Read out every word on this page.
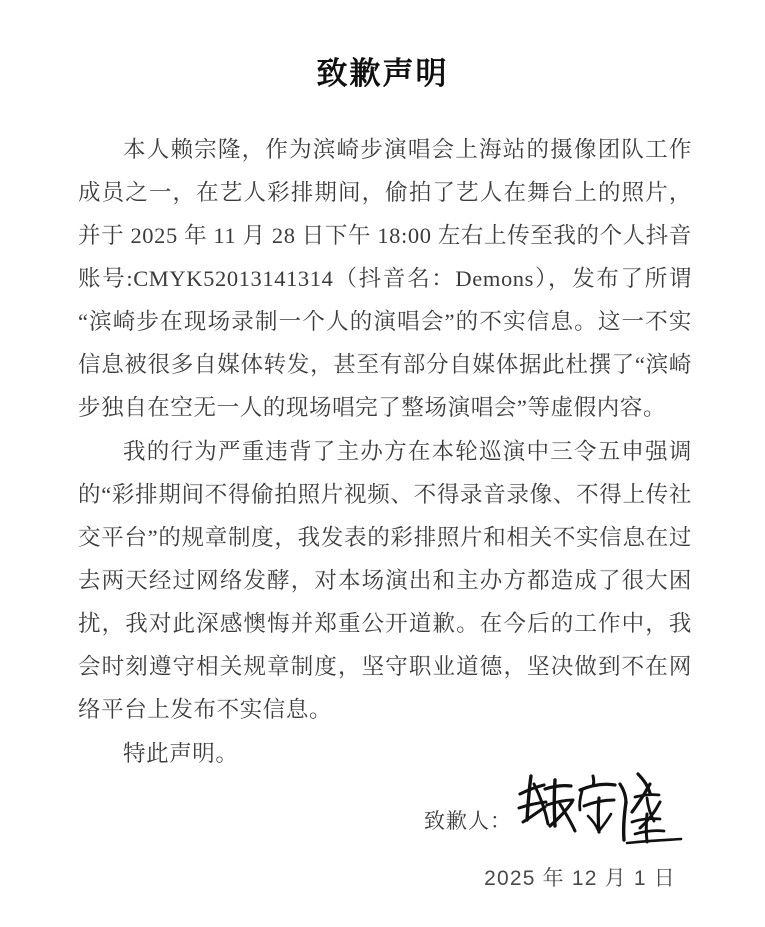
致歉声明

本人赖宗隆，作为滨崎步演唱会上海站的摄像团队工作成员之一，在艺人彩排期间，偷拍了艺人在舞台上的照片，并于 2025 年 11 月 28 日下午 18:00 左右上传至我的个人抖音账号:CMYK52013141314（抖音名：Demons），发布了所谓“滨崎步在现场录制一个人的演唱会”的不实信息。这一不实信息被很多自媒体转发，甚至有部分自媒体据此杜撰了“滨崎步独自在空无一人的现场唱完了整场演唱会”等虚假内容。

我的行为严重违背了主办方在本轮巡演中三令五申强调的“彩排期间不得偷拍照片视频、不得录音录像、不得上传社交平台”的规章制度，我发表的彩排照片和相关不实信息在过去两天经过网络发酵，对本场演出和主办方都造成了很大困扰，我对此深感懊悔并郑重公开道歉。在今后的工作中，我会时刻遵守相关规章制度，坚守职业道德，坚决做到不在网络平台上发布不实信息。

特此声明。

致歉人：
2025 年 12 月 1 日
